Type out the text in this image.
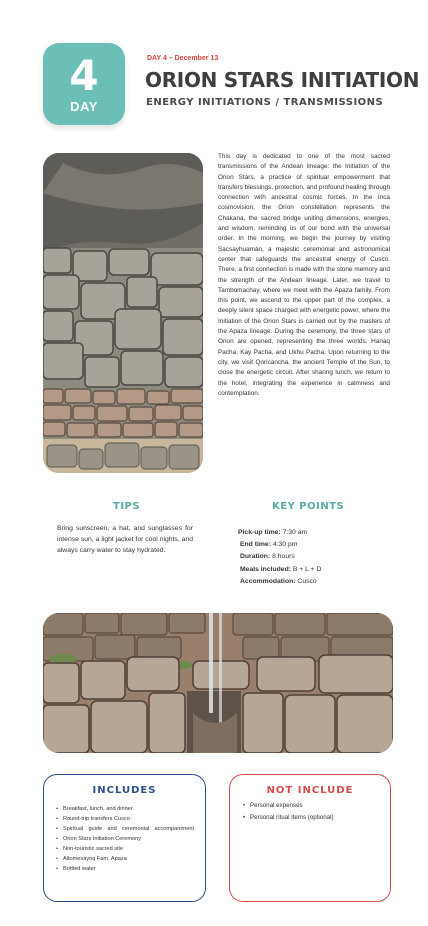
4
DAY
DAY 4 – December 13
ORION STARS INITIATION
ENERGY INITIATIONS / TRANSMISSIONS
This day is dedicated to one of the most sacred transmissions of the Andean lineage: the Initiation of the Orion Stars, a practice of spiritual empowerment that transfers blessings, protection, and profound healing through connection with ancestral cosmic forces. In the Inca cosmovision, the Orion constellation represents the Chakana, the sacred bridge uniting dimensions, energies, and wisdom, reminding us of our bond with the universal order. In the morning, we begin the journey by visiting Sacsayhuamán, a majestic ceremonial and astronomical center that safeguards the ancestral energy of Cusco. There, a first connection is made with the stone memory and the strength of the Andean lineage. Later, we travel to Tambomachay, where we meet with the Apaza family. From this point, we ascend to the upper part of the complex, a deeply silent space charged with energetic power, where the Initiation of the Orion Stars is carried out by the masters of the Apaza lineage. During the ceremony, the three stars of Orion are opened, representing the three worlds: Hanaq Pacha, Kay Pacha, and Ukhu Pacha. Upon returning to the city, we visit Qoricancha, the ancient Temple of the Sun, to close the energetic circuit. After sharing lunch, we return to the hotel, integrating the experience in calmness and contemplation.
TIPS	KEY POINTS
Bring sunscreen, a hat, and sunglasses for intense sun, a light jacket for cool nights, and always carry water to stay hydrated.
Pick-up time: 7:30 am
End time: 4:30 pm
Duration: 8 hours
Meals included: B + L + D
Accommodation: Cusco
INCLUDES
• Breakfast, lunch, and dinner
• Round-trip transfers Cusco
• Spiritual guide and ceremonial accompaniment
• Orion Stars Initiation Ceremony
• Non-touristic sacred site
• Altomesayoq Fam. Apaza
• Bottled water
NOT INCLUDE
• Personal expenses
• Personal ritual items (optional)
